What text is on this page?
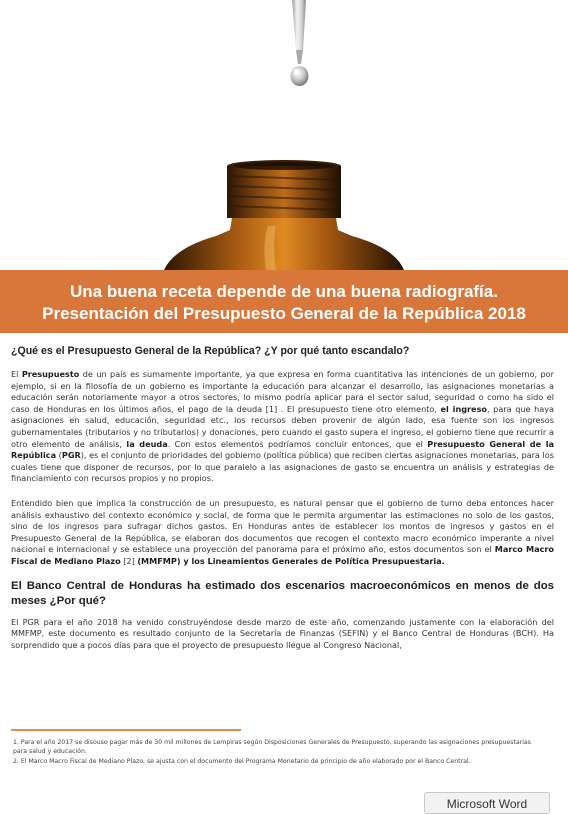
Una buena receta depende de una buena radiografía.
Presentación del Presupuesto General de la República 2018
¿Qué es el Presupuesto General de la República? ¿Y por qué tanto escandalo?

El Presupuesto de un país es sumamente importante, ya que expresa en forma cuantitativa las intenciones de un gobierno, por ejemplo, si en la filosofía de un gobierno es importante la educación para alcanzar el desarrollo, las asignaciones monetarias a educación serán notoriamente mayor a otros sectores, lo mismo podría aplicar para el sector salud, seguridad o como ha sido el caso de Honduras en los últimos años, el pago de la deuda [1] . El presupuesto tiene otro elemento, el ingreso, para que haya asignaciones en salud, educación, seguridad etc., los recursos deben provenir de algún lado, esa fuente son los ingresos gubernamentales (tributarios y no tributarios) y donaciones, pero cuando el gasto supera el ingreso, el gobierno tiene que recurrir a otro elemento de análisis, la deuda. Con estos elementos podríamos concluir entonces, que el Presupuesto General de la República (PGR), es el conjunto de prioridades del gobierno (política pública) que reciben ciertas asignaciones monetarias, para los cuales tiene que disponer de recursos, por lo que paralelo a las asignaciones de gasto se encuentra un análisis y estrategias de financiamiento con recursos propios y no propios.

Entendido bien que implica la construcción de un presupuesto, es natural pensar que el gobierno de turno deba entonces hacer análisis exhaustivo del contexto económico y social, de forma que le permita argumentar las estimaciones no solo de los gastos, sino de los ingresos para sufragar dichos gastos. En Honduras antes de establecer los montos de ingresos y gastos en el Presupuesto General de la República, se elaboran dos documentos que recogen el contexto macro económico imperante a nivel nacional e internacional y se establece una proyección del panorama para el próximo año, estos documentos son el Marco Macro Fiscal de Mediano Plazo [2] (MMFMP) y los Lineamientos Generales de Política Presupuestaria.

El Banco Central de Honduras ha estimado dos escenarios macroeconómicos en menos de dos meses ¿Por qué?

El PGR para el año 2018 ha venido construyéndose desde marzo de este año, comenzando justamente con la elaboración del MMFMP, este documento es resultado conjunto de la Secretaría de Finanzas (SEFIN) y el Banco Central de Honduras (BCH). Ha sorprendido que a pocos días para que el proyecto de presupuesto llegue al Congreso Nacional,

1. Para el año 2017 se disouso pagar más de 30 mil millones de Lempiras según Disposiciones Generales de Presupuesto, superando las asignaciones presupuestarias para salud y educación.
2. El Marco Macro Fiscal de Mediano Plazo, se ajusta con el documento del Programa Monetario de principio de año elaborado por el Banco Central.
Microsoft Word
